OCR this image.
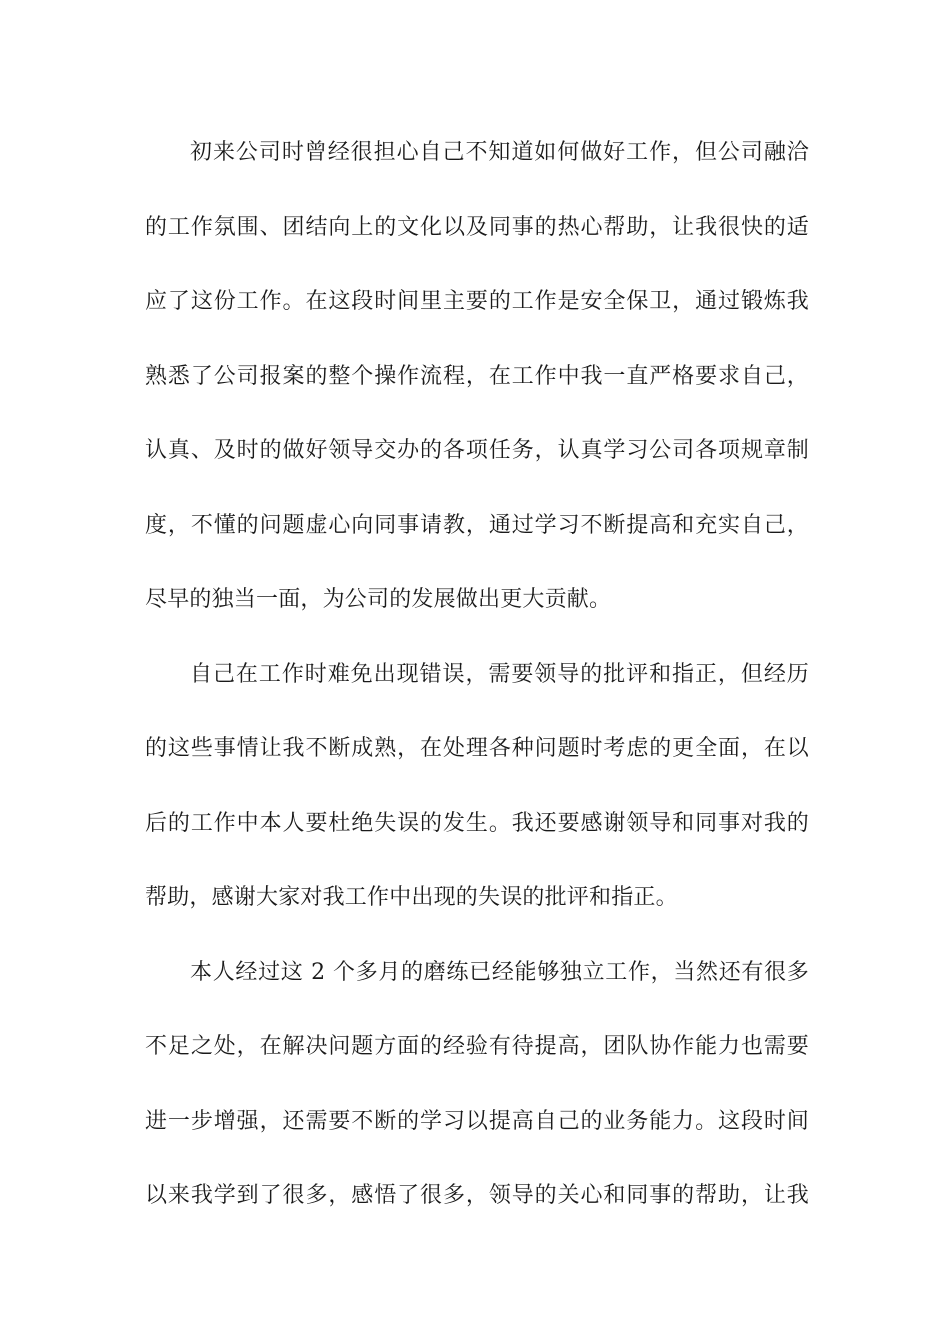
初来公司时曾经很担心自己不知道如何做好工作，但公司融洽
的工作氛围、团结向上的文化以及同事的热心帮助，让我很快的适
应了这份工作。在这段时间里主要的工作是安全保卫，通过锻炼我
熟悉了公司报案的整个操作流程，在工作中我一直严格要求自己，
认真、及时的做好领导交办的各项任务，认真学习公司各项规章制
度，不懂的问题虚心向同事请教，通过学习不断提高和充实自己，
尽早的独当一面，为公司的发展做出更大贡献。
自己在工作时难免出现错误，需要领导的批评和指正，但经历
的这些事情让我不断成熟，在处理各种问题时考虑的更全面，在以
后的工作中本人要杜绝失误的发生。我还要感谢领导和同事对我的
帮助，感谢大家对我工作中出现的失误的批评和指正。
本人经过这 2 个多月的磨练已经能够独立工作，当然还有很多
不足之处，在解决问题方面的经验有待提高，团队协作能力也需要
进一步增强，还需要不断的学习以提高自己的业务能力。这段时间
以来我学到了很多，感悟了很多，领导的关心和同事的帮助，让我
